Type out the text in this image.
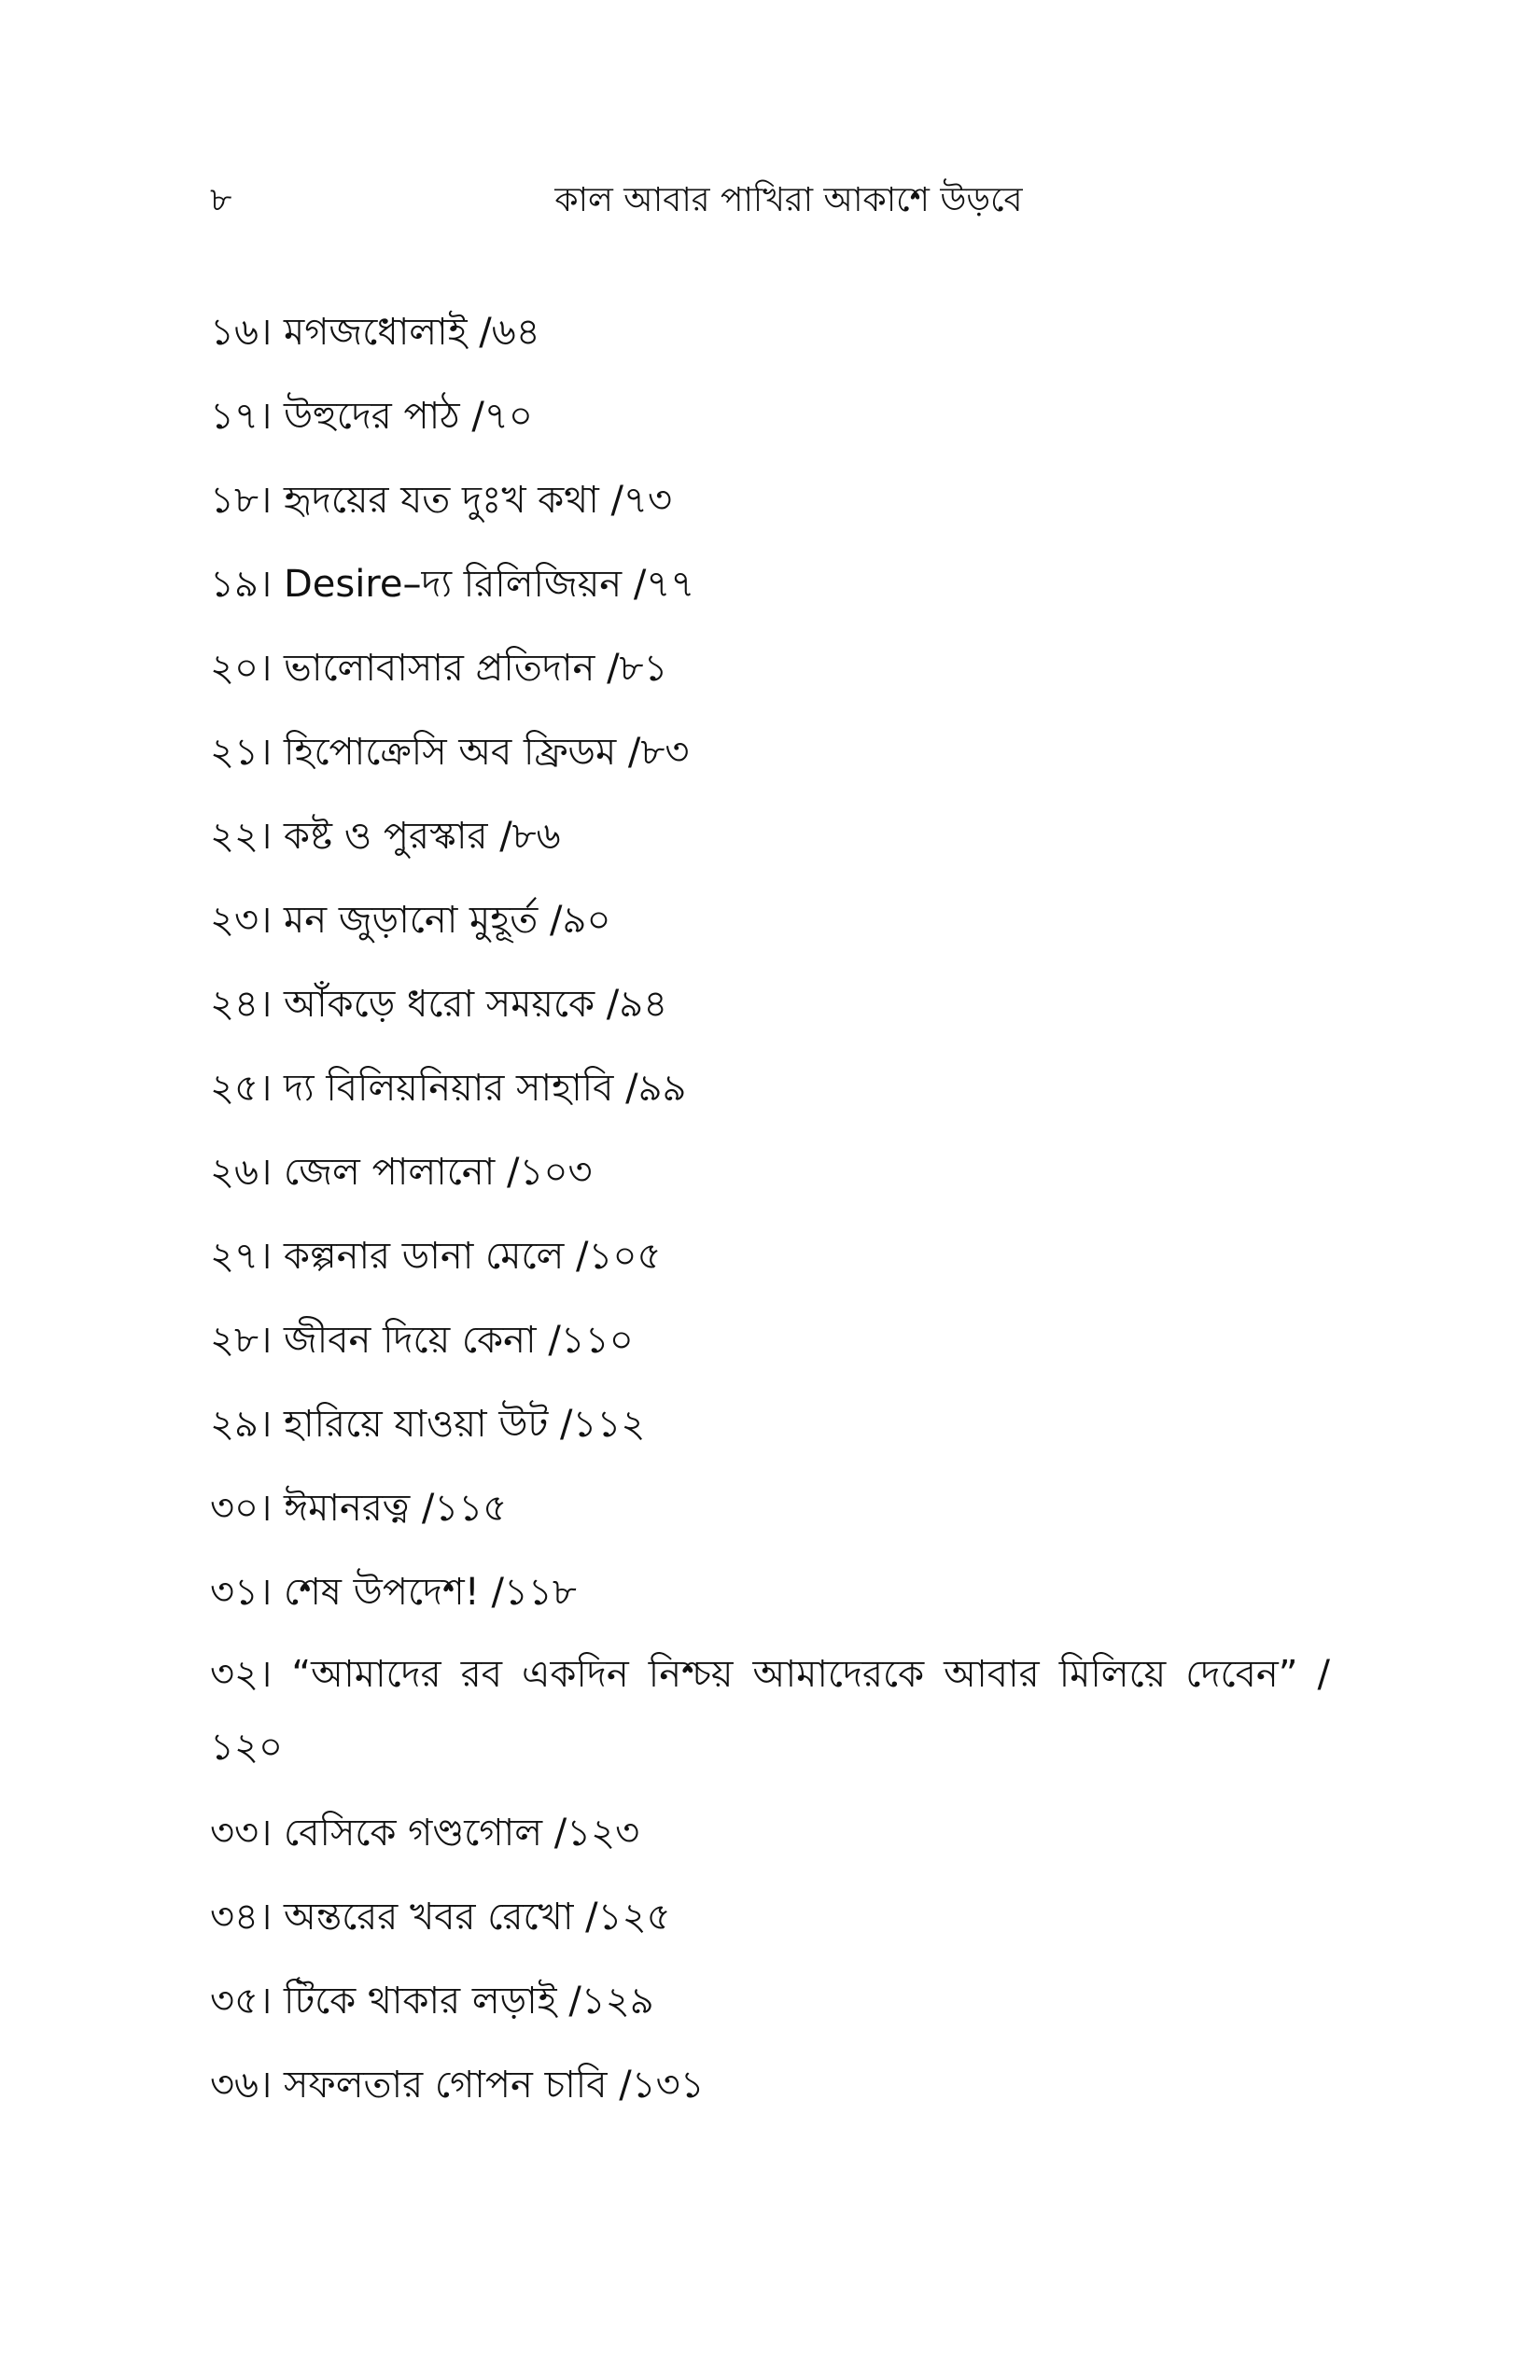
৮	কাল আবার পাখিরা আকাশে উড়বে
১৬। মগজধোলাই /৬৪
১৭। উহুদের পাঠ /৭০
১৮। হৃদয়ের যত দুঃখ কথা /৭৩
১৯। Desire–দ্য রিলিজিয়ন /৭৭
২০। ভালোবাসার প্রতিদান /৮১
২১। হিপোক্রেসি অব ফ্রিডম /৮৩
২২। কষ্ট ও পুরস্কার /৮৬
২৩। মন জুড়ানো মুহূর্ত /৯০
২৪। আঁকড়ে ধরো সময়কে /৯৪
২৫। দ্য বিলিয়নিয়ার সাহাবি /৯৯
২৬। জেল পালানো /১০৩
২৭। কল্পনার ডানা মেলে /১০৫
২৮। জীবন দিয়ে কেনা /১১০
২৯। হারিয়ে যাওয়া উট /১১২
৩০। ঈমানরত্ন /১১৫
৩১। শেষ উপদেশ! /১১৮
৩২। “আমাদের রব একদিন নিশ্চয় আমাদেরকে আবার মিলিয়ে দেবেন” /১২০
৩৩। বেসিকে গণ্ডগোল /১২৩
৩৪। অন্তরের খবর রেখো /১২৫
৩৫। টিকে থাকার লড়াই /১২৯
৩৬। সফলতার গোপন চাবি /১৩১
